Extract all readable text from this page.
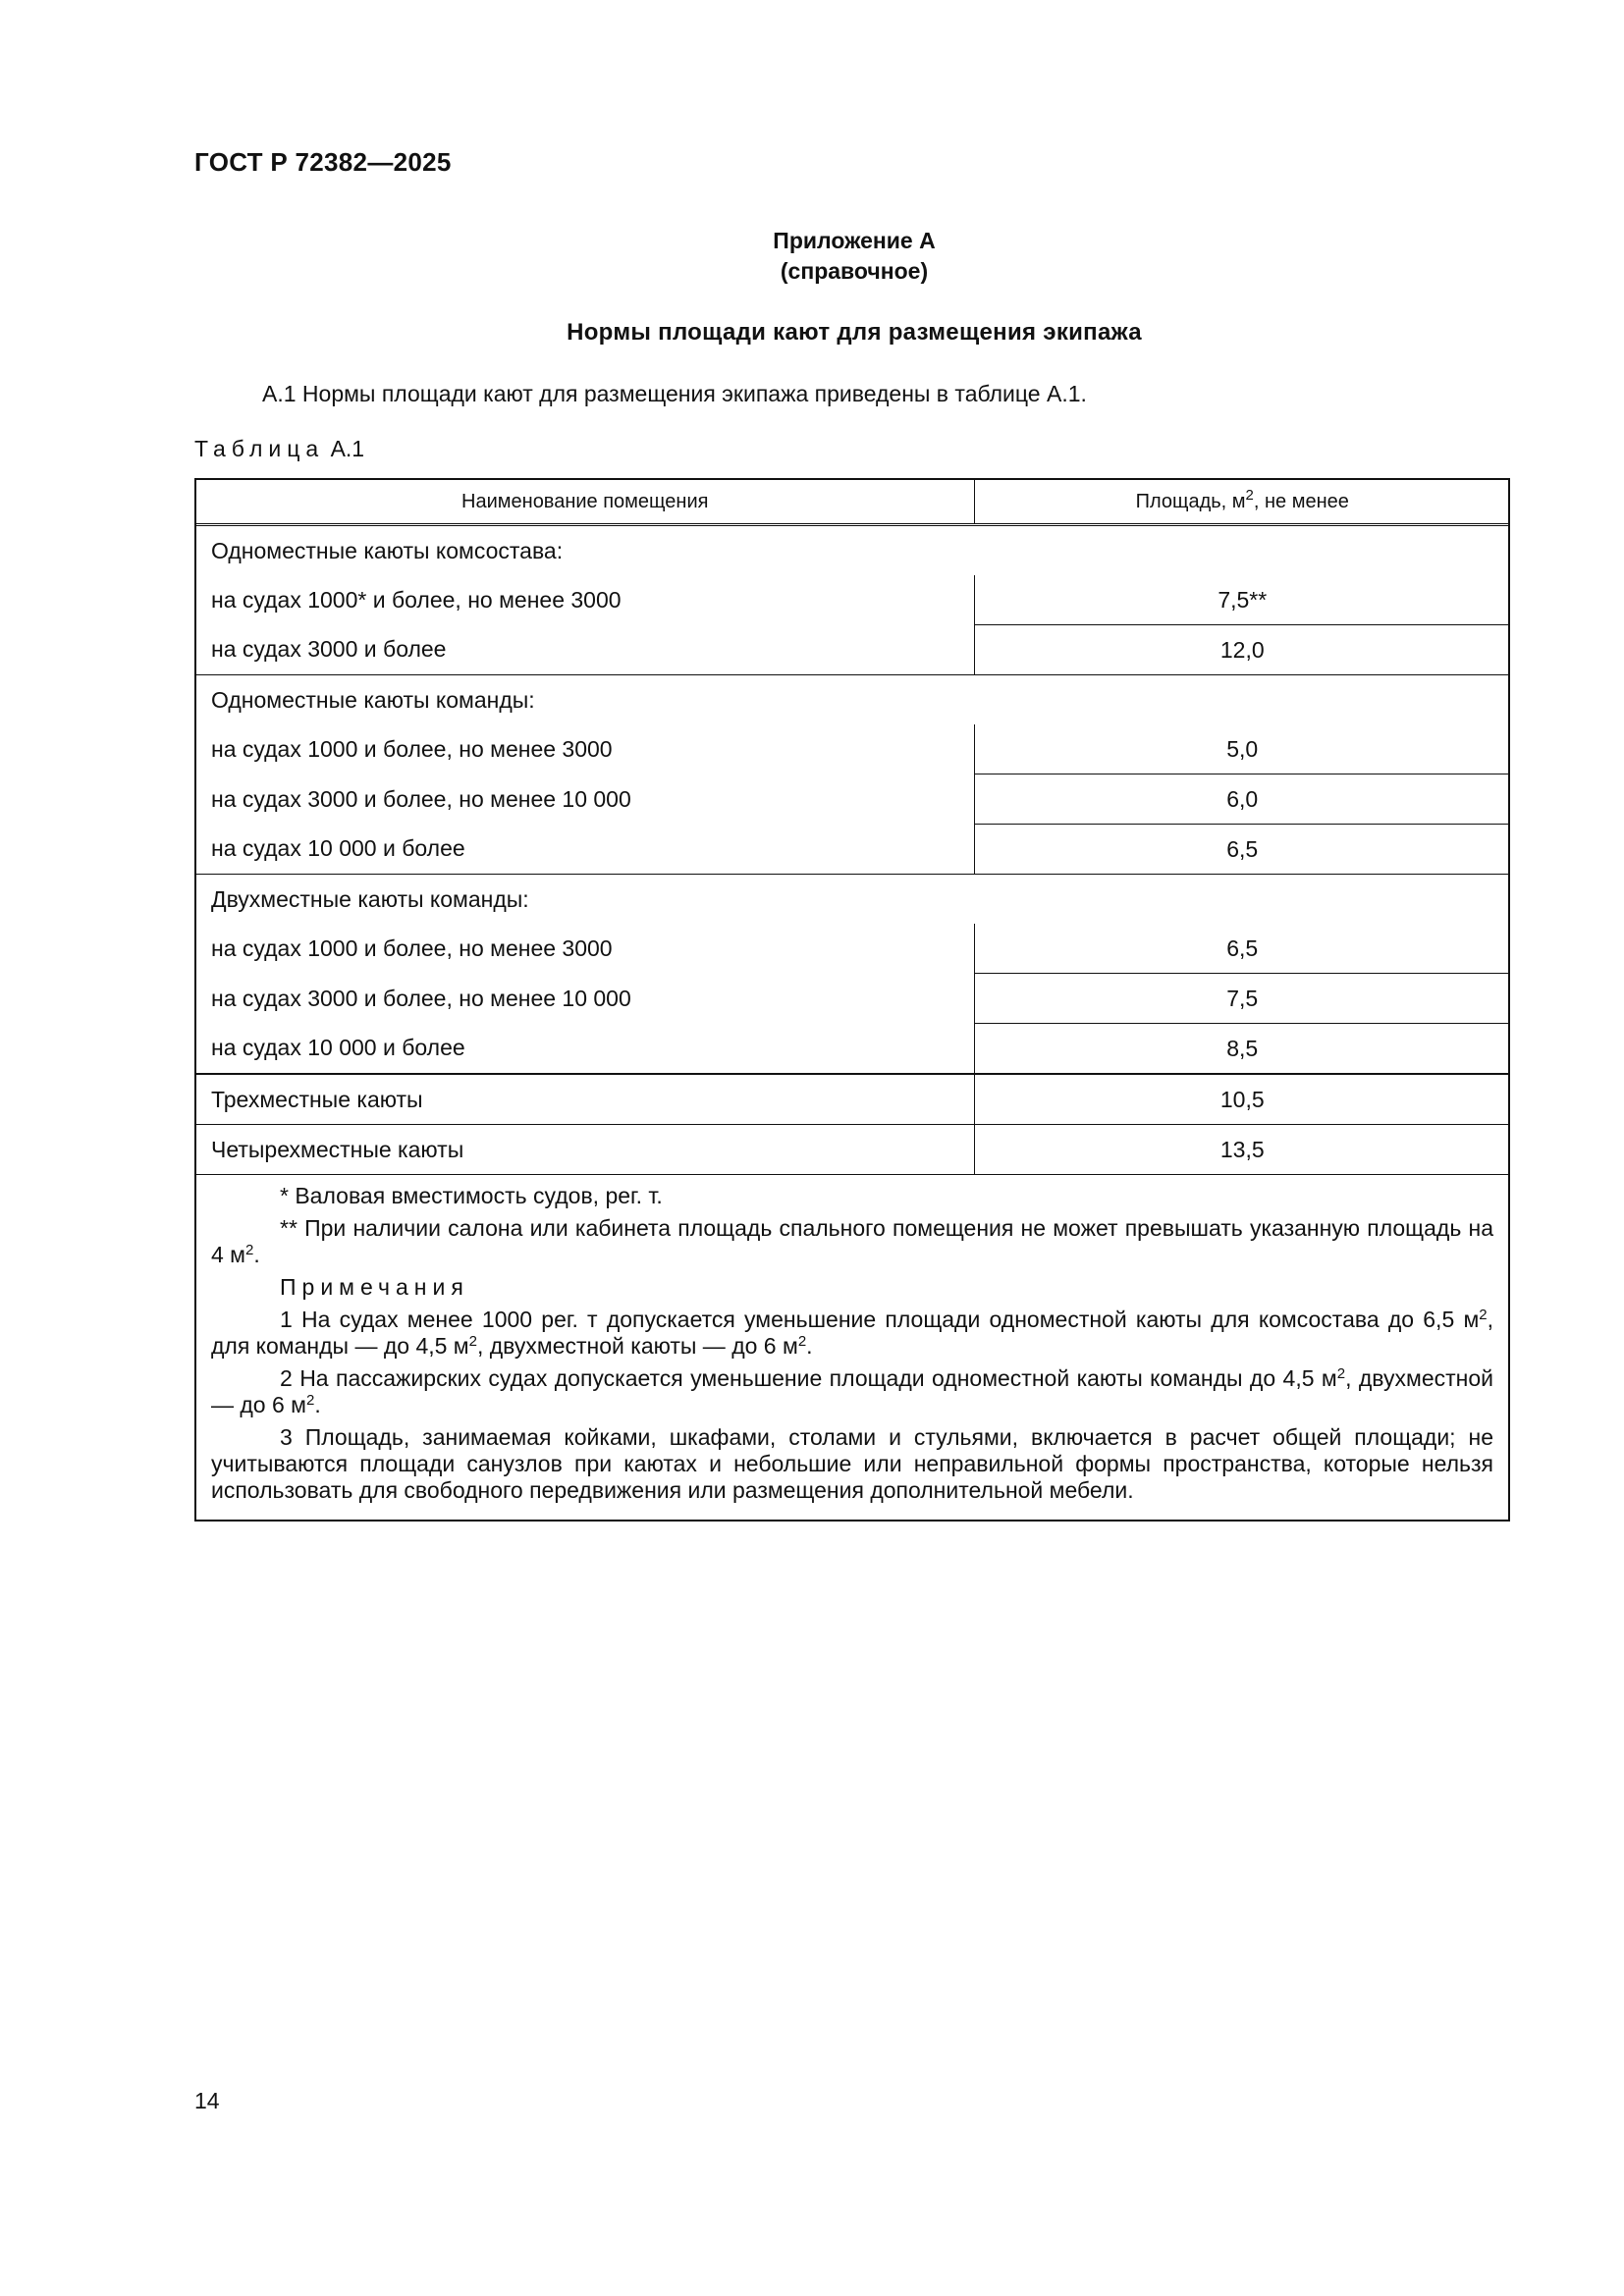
ГОСТ Р 72382—2025
Приложение А
(справочное)
Нормы площади кают для размещения экипажа
А.1 Нормы площади кают для размещения экипажа приведены в таблице А.1.
Таблица А.1
Наименование помещения	Площадь, $м^2$, не менее
Одноместные каюты комсостава:	
на судах 1000* и более, но менее 3000	7,5**
на судах 3000 и более	12,0
Одноместные каюты команды:	
на судах 1000 и более, но менее 3000	5,0
на судах 3000 и более, но менее 10 000	6,0
на судах 10 000 и более	6,5
Двухместные каюты команды:	
на судах 1000 и более, но менее 3000	6,5
на судах 3000 и более, но менее 10 000	7,5
на судах 10 000 и более	8,5
Трехместные каюты	10,5
Четырехместные каюты	13,5

* Валовая вместимость судов, рег. т.

** При наличии салона или кабинета площадь спального помещения не может превышать указанную площадь на 4 $м^2$.

Примечания

1 На судах менее 1000 рег. т допускается уменьшение площади одноместной каюты для комсостава до 6,5 $м^2$, для команды — до 4,5 $м^2$, двухместной каюты — до 6 $м^2$.

2 На пассажирских судах допускается уменьшение площади одноместной каюты команды до 4,5 $м^2$, двухместной — до 6 $м^2$.

3 Площадь, занимаемая койками, шкафами, столами и стульями, включается в расчет общей площади; не учитываются площади санузлов при каютах и небольшие или неправильной формы пространства, которые нельзя использовать для свободного передвижения или размещения дополнительной мебели.

14
